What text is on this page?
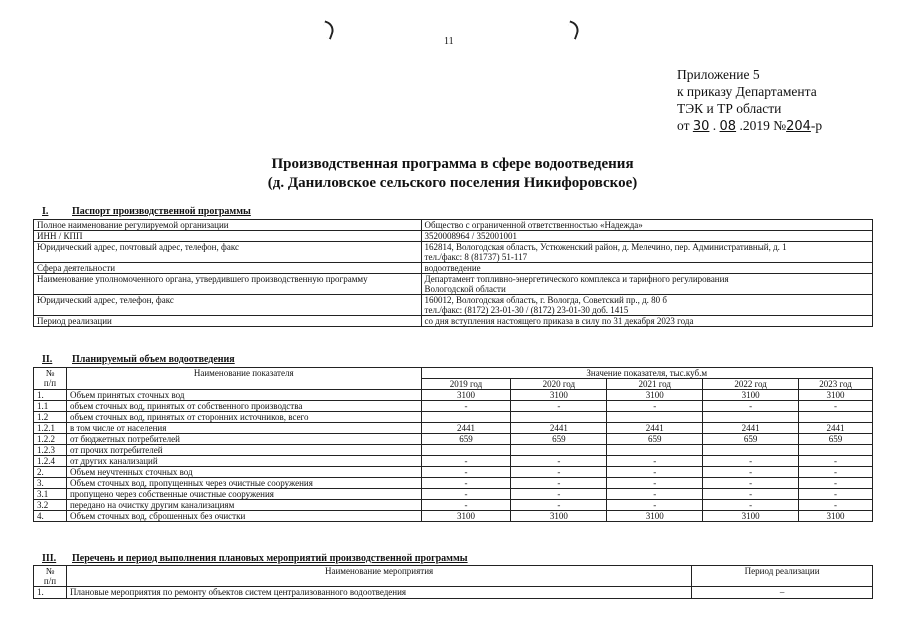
11
Приложение 5
к приказу Департамента
ТЭК и ТР области
от 30 . 08 .2019 №204-р
Производственная программа в сфере водоотведения
(д. Даниловское сельского поселения Никифоровское)
I. Паспорт производственной программы
Полное наименование регулируемой организации	Общество с ограниченной ответственностью «Надежда»

ИНН / КПП	3520008964 / 352001001

Юридический адрес, почтовый адрес, телефон, факс	162814, Вологодская область, Устюженский район, д. Мелечино, пер. Административный, д. 1
тел./факс: 8 (81737) 51-117

Сфера деятельности	водоотведение

Наименование уполномоченного органа, утвердившего производственную программу	Департамент топливно-энергетического комплекса и тарифного регулирования
Вологодской области

Юридический адрес, телефон, факс	160012, Вологодская область, г. Вологда, Советский пр., д. 80 б
тел./факс: (8172) 23-01-30 / (8172) 23-01-30 доб. 1415

Период реализации	со дня вступления настоящего приказа в силу по 31 декабря 2023 года
II. Планируемый объем водоотведения
№
п/п	Наименование показателя	Значение показателя, тыс.куб.м				
		2019 год	2020 год	2021 год	2022 год	2023 год
1.	Объем принятых сточных вод	3100	3100	3100	3100	3100
1.1	объем сточных вод, принятых от собственного производства	-	-	-	-	-
1.2	объем сточных вод, принятых от сторонних источников, всего					
1.2.1	в том числе от населения	2441	2441	2441	2441	2441
1.2.2	от бюджетных потребителей	659	659	659	659	659
1.2.3	от прочих потребителей					
1.2.4	от других канализаций	-	-	-	-	-
2.	Объем неучтенных сточных вод	-	-	-	-	-
3.	Объем сточных вод, пропущенных через очистные сооружения	-	-	-	-	-
3.1	пропущено через собственные очистные сооружения	-	-	-	-	-
3.2	передано на очистку другим канализациям	-	-	-	-	-
4.	Объем сточных вод, сброшенных без очистки	3100	3100	3100	3100	3100
III. Перечень и период выполнения плановых мероприятий производственной программы
№
п/п	Наименование мероприятия	Период реализации
1.	Плановые мероприятия по ремонту объектов систем централизованного водоотведения	–
